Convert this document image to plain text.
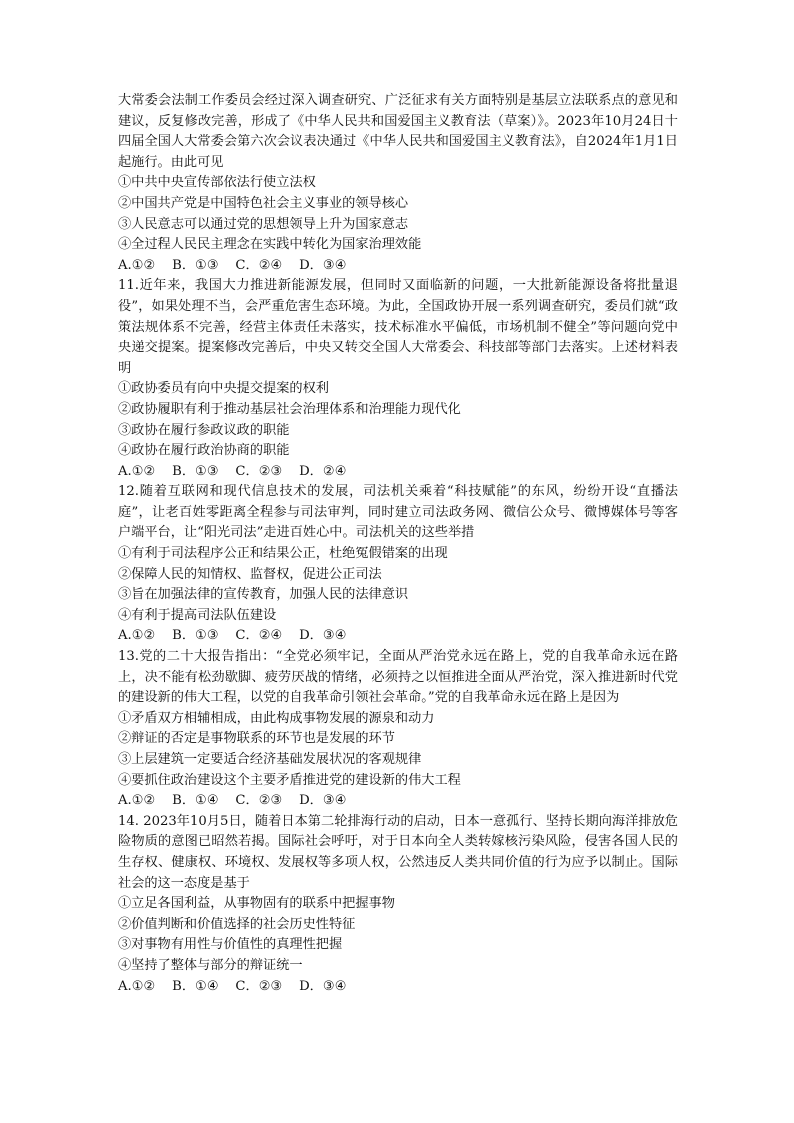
大常委会法制工作委员会经过深入调查研究、广泛征求有关方面特别是基层立法联系点的意见和建议，反复修改完善，形成了《中华人民共和国爱国主义教育法（草案）》。2023年10月24日十四届全国人大常委会第六次会议表决通过《中华人民共和国爱国主义教育法》，自2024年1月1日起施行。由此可见

①中共中央宣传部依法行使立法权

②中国共产党是中国特色社会主义事业的领导核心

③人民意志可以通过党的思想领导上升为国家意志

④全过程人民民主理念在实践中转化为国家治理效能

A.①②    B．①③    C．②④    D．③④

11.近年来，我国大力推进新能源发展，但同时又面临新的问题，一大批新能源设备将批量退役”，如果处理不当，会严重危害生态环境。为此，全国政协开展一系列调查研究，委员们就“政策法规体系不完善，经营主体责任未落实，技术标准水平偏低，市场机制不健全”等问题向党中央递交提案。提案修改完善后，中央又转交全国人大常委会、科技部等部门去落实。上述材料表明

①政协委员有向中央提交提案的权利

②政协履职有利于推动基层社会治理体系和治理能力现代化

③政协在履行参政议政的职能

④政协在履行政治协商的职能

A.①②    B．①③    C．②③    D．②④

12.随着互联网和现代信息技术的发展，司法机关乘着“科技赋能”的东风，纷纷开设“直播法庭”，让老百姓零距离全程参与司法审判，同时建立司法政务网、微信公众号、微博媒体号等客户端平台，让“阳光司法”走进百姓心中。司法机关的这些举措

①有利于司法程序公正和结果公正，杜绝冤假错案的出现

②保障人民的知情权、监督权，促进公正司法

③旨在加强法律的宣传教育，加强人民的法律意识

④有利于提高司法队伍建设

A.①②    B．①③    C．②④    D．③④

13.党的二十大报告指出：“全党必须牢记，全面从严治党永远在路上，党的自我革命永远在路上，决不能有松劲歇脚、疲劳厌战的情绪，必须持之以恒推进全面从严治党，深入推进新时代党的建设新的伟大工程，以党的自我革命引领社会革命。”党的自我革命永远在路上是因为

①矛盾双方相辅相成，由此构成事物发展的源泉和动力

②辩证的否定是事物联系的环节也是发展的环节

③上层建筑一定要适合经济基础发展状况的客观规律

④要抓住政治建设这个主要矛盾推进党的建设新的伟大工程

A.①②    B．①④    C．②③    D．③④

14. 2023年10月5日，随着日本第二轮排海行动的启动，日本一意孤行、坚持长期向海洋排放危险物质的意图已昭然若揭。国际社会呼吁，对于日本向全人类转嫁核污染风险，侵害各国人民的生存权、健康权、环境权、发展权等多项人权，公然违反人类共同价值的行为应予以制止。国际社会的这一态度是基于

①立足各国利益，从事物固有的联系中把握事物

②价值判断和价值选择的社会历史性特征

③对事物有用性与价值性的真理性把握

④坚持了整体与部分的辩证统一

A.①②    B．①④    C．②③    D．③④
